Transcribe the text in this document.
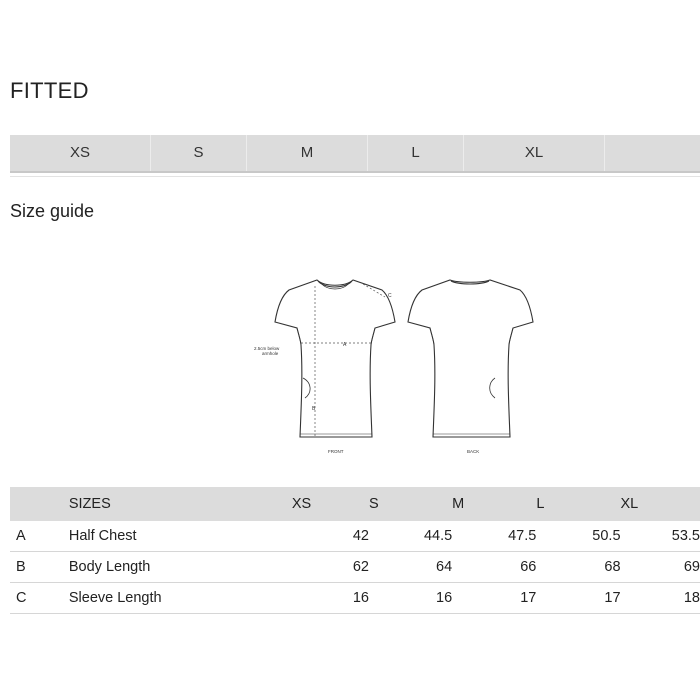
FITTED
XS	S	M	L	XL
Size guide
A
B
C
2.5cm below
armhole
FRONT	BACK
	SIZES	XS	S	M	L	XL
A	Half Chest	42	44.5	47.5	50.5	53.5
B	Body Length	62	64	66	68	69
C	Sleeve Length	16	16	17	17	18
